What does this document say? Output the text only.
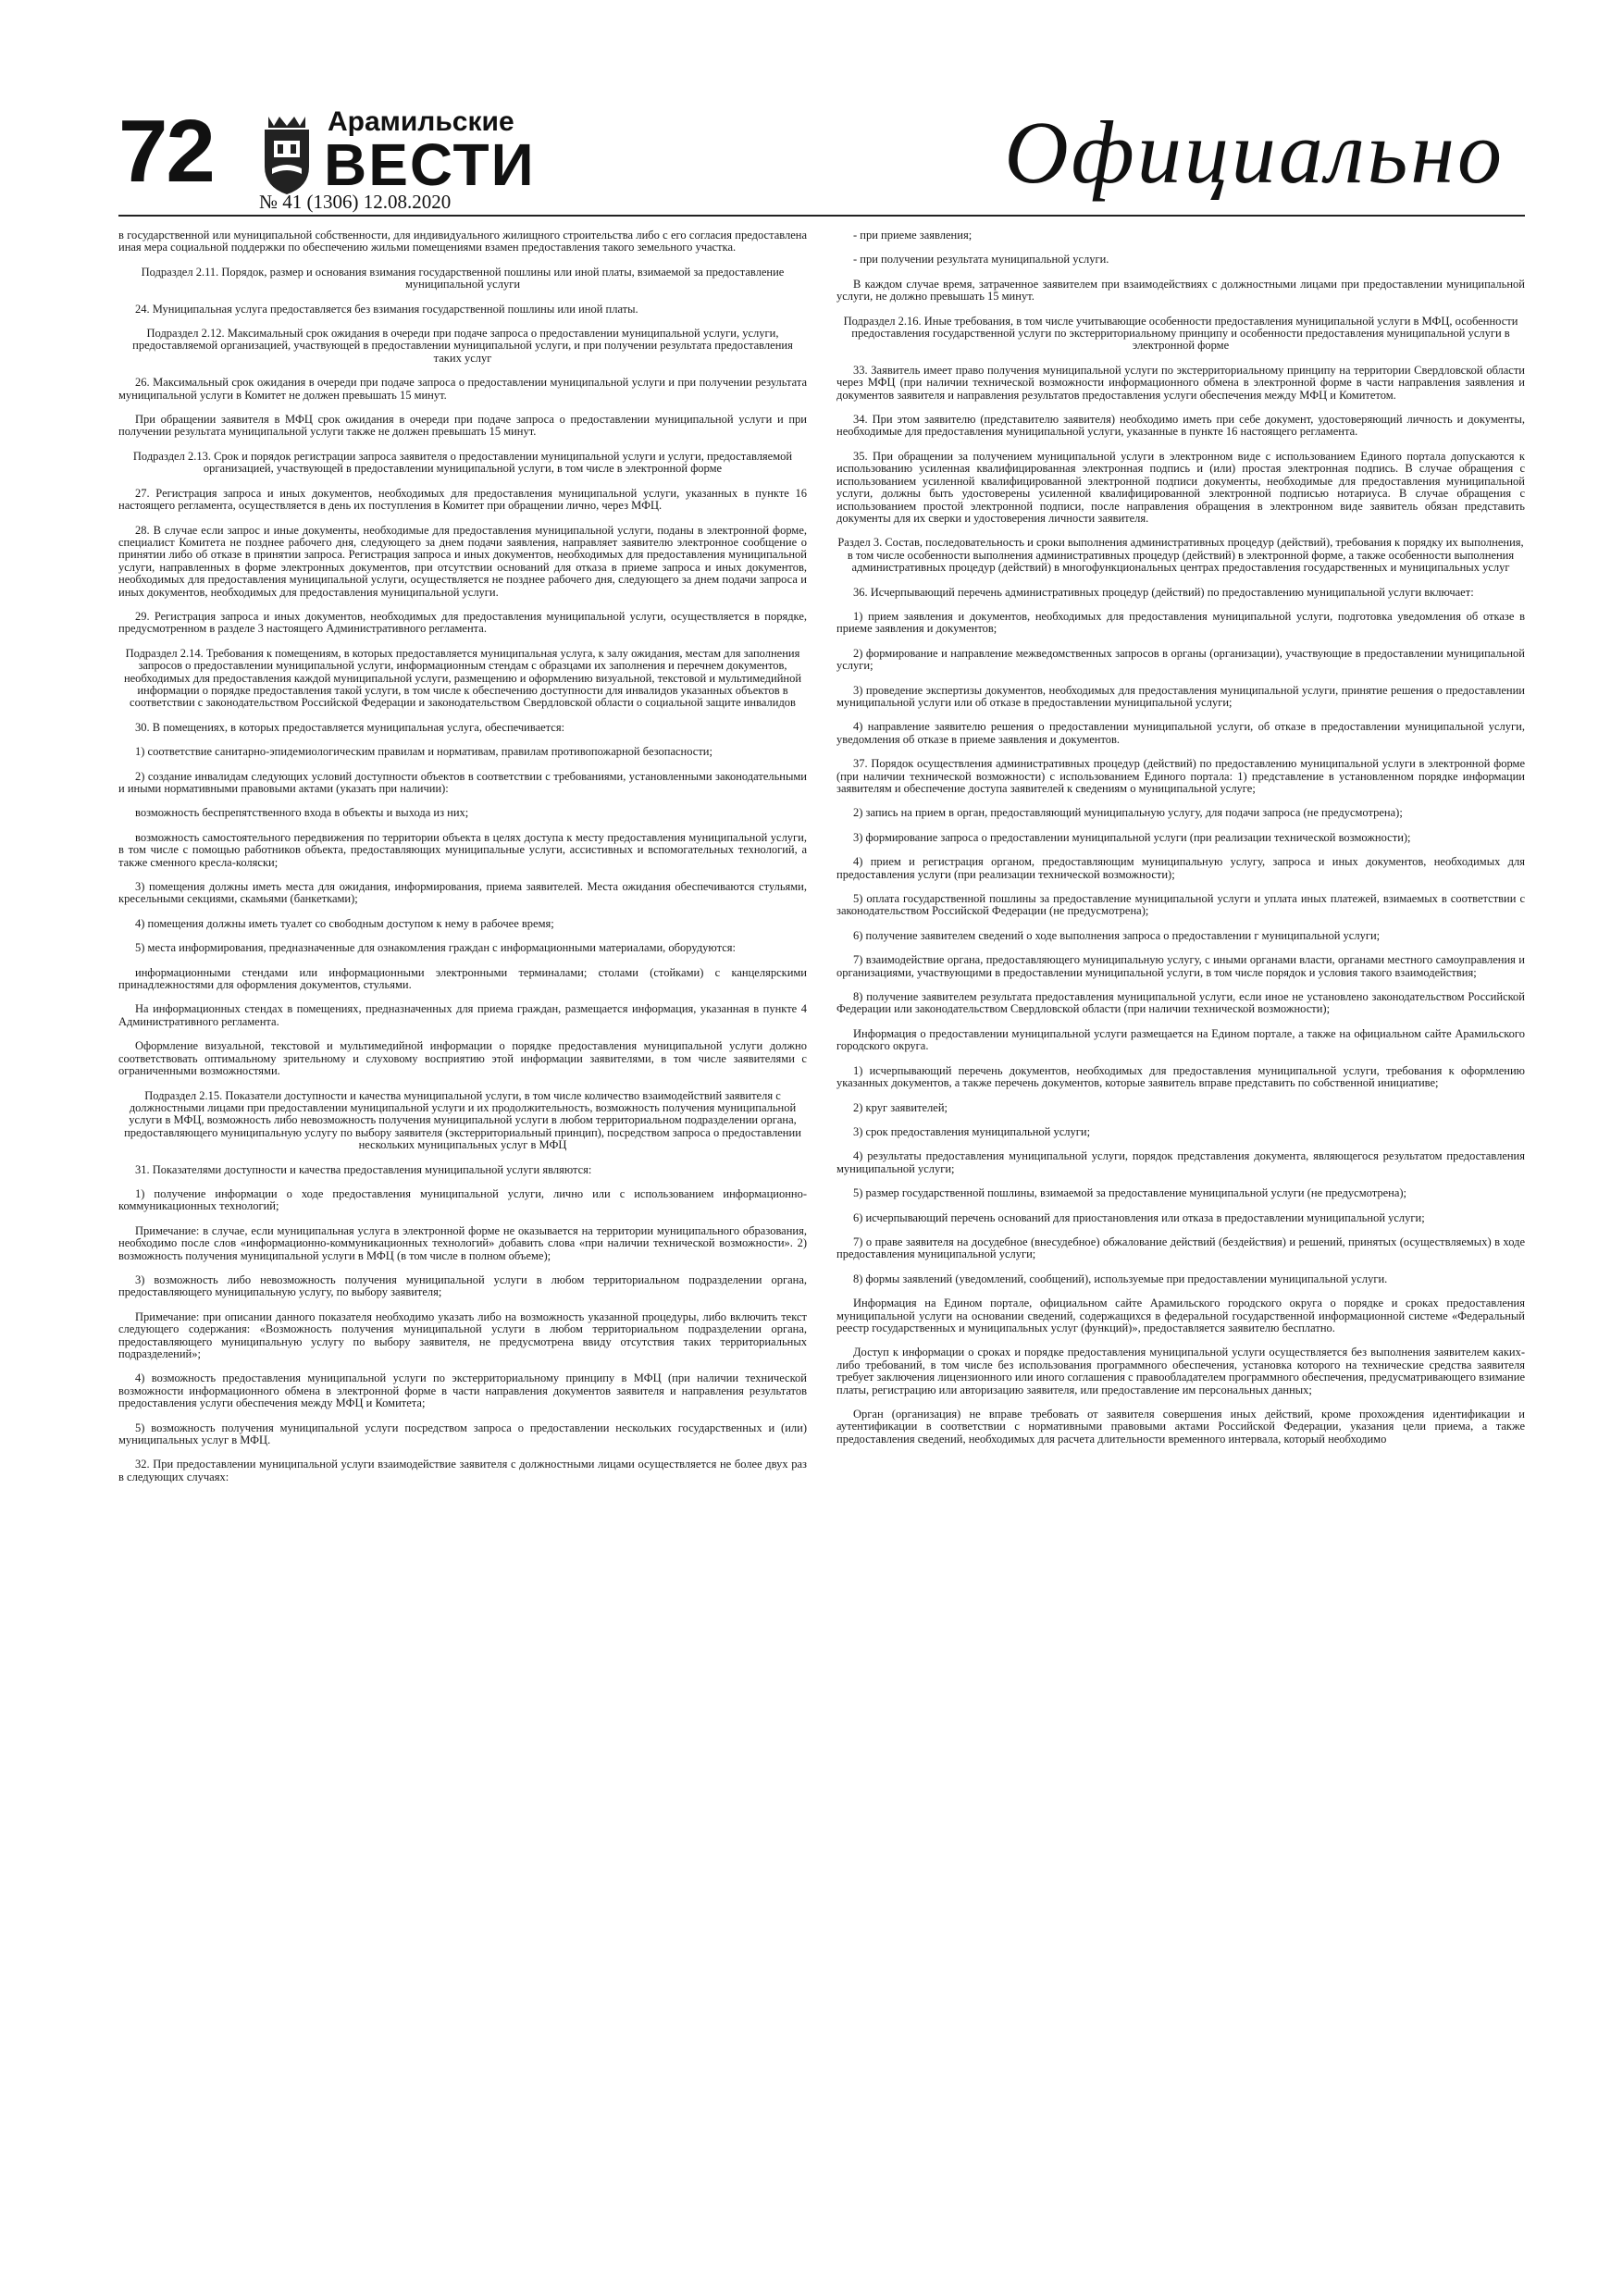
72	Арамильские
ВЕСТИ
№ 41 (1306) 12.08.2020	Официально

в государственной или муниципальной собственности, для индивидуального жилищного строительства либо с его согласия предоставлена иная мера социальной поддержки по обеспечению жильми помещениями взамен предоставления такого земельного участка.

Подраздел 2.11. Порядок, размер и основания взимания государственной пошлины или иной платы, взимаемой за предоставление муниципальной услуги

24. Муниципальная услуга предоставляется без взимания государственной пошлины или иной платы.

Подраздел 2.12. Максимальный срок ожидания в очереди при подаче запроса о предоставлении муниципальной услуги, услуги, предоставляемой организацией, участвующей в предоставлении муниципальной услуги, и при получении результата предоставления таких услуг

26. Максимальный срок ожидания в очереди при подаче запроса о предоставлении муниципальной услуги и при получении результата муниципальной услуги в Комитет не должен превышать 15 минут.

При обращении заявителя в МФЦ срок ожидания в очереди при подаче запроса о предоставлении муниципальной услуги и при получении результата муниципальной услуги также не должен превышать 15 минут.

Подраздел 2.13. Срок и порядок регистрации запроса заявителя о предоставлении муниципальной услуги и услуги, предоставляемой организацией, участвующей в предоставлении муниципальной услуги, в том числе в электронной форме

27. Регистрация запроса и иных документов, необходимых для предоставления муниципальной услуги, указанных в пункте 16 настоящего регламента, осуществляется в день их поступления в Комитет при обращении лично, через МФЦ.

28. В случае если запрос и иные документы, необходимые для предоставления муниципальной услуги, поданы в электронной форме, специалист Комитета не позднее рабочего дня, следующего за днем подачи заявления, направляет заявителю электронное сообщение о принятии либо об отказе в принятии запроса. Регистрация запроса и иных документов, необходимых для предоставления муниципальной услуги, направленных в форме электронных документов, при отсутствии оснований для отказа в приеме запроса и иных документов, необходимых для предоставления муниципальной услуги, осуществляется не позднее рабочего дня, следующего за днем подачи запроса и иных документов, необходимых для предоставления муниципальной услуги.

29. Регистрация запроса и иных документов, необходимых для предоставления муниципальной услуги, осуществляется в порядке, предусмотренном в разделе 3 настоящего Административного регламента.

Подраздел 2.14. Требования к помещениям, в которых предоставляется муниципальная услуга, к залу ожидания, местам для заполнения запросов о предоставлении муниципальной услуги, информационным стендам с образцами их заполнения и перечнем документов, необходимых для предоставления каждой муниципальной услуги, размещению и оформлению визуальной, текстовой и мультимедийной информации о порядке предоставления такой услуги, в том числе к обеспечению доступности для инвалидов указанных объектов в соответствии с законодательством Российской Федерации и законодательством Свердловской области о социальной защите инвалидов

30. В помещениях, в которых предоставляется муниципальная услуга, обеспечивается:

1) соответствие санитарно-эпидемиологическим правилам и нормативам, правилам противопожарной безопасности;

2) создание инвалидам следующих условий доступности объектов в соответствии с требованиями, установленными законодательными и иными нормативными правовыми актами (указать при наличии):

возможность беспрепятственного входа в объекты и выхода из них;

возможность самостоятельного передвижения по территории объекта в целях доступа к месту предоставления муниципальной услуги, в том числе с помощью работников объекта, предоставляющих муниципальные услуги, ассистивных и вспомогательных технологий, а также сменного кресла-коляски;

3) помещения должны иметь места для ожидания, информирования, приема заявителей. Места ожидания обеспечиваются стульями, кресельными секциями, скамьями (банкетками);

4) помещения должны иметь туалет со свободным доступом к нему в рабочее время;

5) места информирования, предназначенные для ознакомления граждан с информационными материалами, оборудуются:

информационными стендами или информационными электронными терминалами; столами (стойками) с канцелярскими принадлежностями для оформления документов, стульями.

На информационных стендах в помещениях, предназначенных для приема граждан, размещается информация, указанная в пункте 4 Административного регламента.

Оформление визуальной, текстовой и мультимедийной информации о порядке предоставления муниципальной услуги должно соответствовать оптимальному зрительному и слуховому восприятию этой информации заявителями, в том числе заявителями с ограниченными возможностями.

Подраздел 2.15. Показатели доступности и качества муниципальной услуги, в том числе количество взаимодействий заявителя с должностными лицами при предоставлении муниципальной услуги и их продолжительность, возможность получения муниципальной услуги в МФЦ, возможность либо невозможность получения муниципальной услуги в любом территориальном подразделении органа, предоставляющего муниципальную услугу по выбору заявителя (экстерриториальный принцип), посредством запроса о предоставлении нескольких муниципальных услуг в МФЦ

31. Показателями доступности и качества предоставления муниципальной услуги являются:

1) получение информации о ходе предоставления муниципальной услуги, лично или с использованием информационно-коммуникационных технологий;

Примечание: в случае, если муниципальная услуга в электронной форме не оказывается на территории муниципального образования, необходимо после слов «информационно-коммуникационных технологий» добавить слова «при наличии технической возможности». 2) возможность получения муниципальной услуги в МФЦ (в том числе в полном объеме);

3) возможность либо невозможность получения муниципальной услуги в любом территориальном подразделении органа, предоставляющего муниципальную услугу, по выбору заявителя;

Примечание: при описании данного показателя необходимо указать либо на возможность указанной процедуры, либо включить текст следующего содержания: «Возможность получения муниципальной услуги в любом территориальном подразделении органа, предоставляющего муниципальную услугу по выбору заявителя, не предусмотрена ввиду отсутствия таких территориальных подразделений»;

4) возможность предоставления муниципальной услуги по экстерриториальному принципу в МФЦ (при наличии технической возможности информационного обмена в электронной форме в части направления документов заявителя и направления результатов предоставления услуги обеспечения между МФЦ и Комитета;

5) возможность получения муниципальной услуги посредством запроса о предоставлении нескольких государственных и (или) муниципальных услуг в МФЦ.

32. При предоставлении муниципальной услуги взаимодействие заявителя с должностными лицами осуществляется не более двух раз в следующих случаях:

- при приеме заявления;

- при получении результата муниципальной услуги.

В каждом случае время, затраченное заявителем при взаимодействиях с должностными лицами при предоставлении муниципальной услуги, не должно превышать 15 минут.

Подраздел 2.16. Иные требования, в том числе учитывающие особенности предоставления муниципальной услуги в МФЦ, особенности предоставления государственной услуги по экстерриториальному принципу и особенности предоставления муниципальной услуги в электронной форме

33. Заявитель имеет право получения муниципальной услуги по экстерриториальному принципу на территории Свердловской области через МФЦ (при наличии технической возможности информационного обмена в электронной форме в части направления заявления и документов заявителя и направления результатов предоставления услуги обеспечения между МФЦ и Комитетом.

34. При этом заявителю (представителю заявителя) необходимо иметь при себе документ, удостоверяющий личность и документы, необходимые для предоставления муниципальной услуги, указанные в пункте 16 настоящего регламента.

35. При обращении за получением муниципальной услуги в электронном виде с использованием Единого портала допускаются к использованию усиленная квалифицированная электронная подпись и (или) простая электронная подпись. В случае обращения с использованием усиленной квалифицированной электронной подписи документы, необходимые для предоставления муниципальной услуги, должны быть удостоверены усиленной квалифицированной электронной подписью нотариуса. В случае обращения с использованием простой электронной подписи, после направления обращения в электронном виде заявитель обязан представить документы для их сверки и удостоверения личности заявителя.

Раздел 3. Состав, последовательность и сроки выполнения административных процедур (действий), требования к порядку их выполнения, в том числе особенности выполнения административных процедур (действий) в электронной форме, а также особенности выполнения административных процедур (действий) в многофункциональных центрах предоставления государственных и муниципальных услуг

36. Исчерпывающий перечень административных процедур (действий) по предоставлению муниципальной услуги включает:

1) прием заявления и документов, необходимых для предоставления муниципальной услуги, подготовка уведомления об отказе в приеме заявления и документов;

2) формирование и направление межведомственных запросов в органы (организации), участвующие в предоставлении муниципальной услуги;

3) проведение экспертизы документов, необходимых для предоставления муниципальной услуги, принятие решения о предоставлении муниципальной услуги или об отказе в предоставлении муниципальной услуги;

4) направление заявителю решения о предоставлении муниципальной услуги, об отказе в предоставлении муниципальной услуги, уведомления об отказе в приеме заявления и документов.

37. Порядок осуществления административных процедур (действий) по предоставлению муниципальной услуги в электронной форме (при наличии технической возможности) с использованием Единого портала: 1) представление в установленном порядке информации заявителям и обеспечение доступа заявителей к сведениям о муниципальной услуге;

2) запись на прием в орган, предоставляющий муниципальную услугу, для подачи запроса (не предусмотрена);

3) формирование запроса о предоставлении муниципальной услуги (при реализации технической возможности);

4) прием и регистрация органом, предоставляющим муниципальную услугу, запроса и иных документов, необходимых для предоставления услуги (при реализации технической возможности);

5) оплата государственной пошлины за предоставление муниципальной услуги и уплата иных платежей, взимаемых в соответствии с законодательством Российской Федерации (не предусмотрена);

6) получение заявителем сведений о ходе выполнения запроса о предоставлении г муниципальной услуги;

7) взаимодействие органа, предоставляющего муниципальную услугу, с иными органами власти, органами местного самоуправления и организациями, участвующими в предоставлении муниципальной услуги, в том числе порядок и условия такого взаимодействия;

8) получение заявителем результата предоставления муниципальной услуги, если иное не установлено законодательством Российской Федерации или законодательством Свердловской области (при наличии технической возможности);

Информация о предоставлении муниципальной услуги размещается на Едином портале, а также на официальном сайте Арамильского городского округа.

1) исчерпывающий перечень документов, необходимых для предоставления муниципальной услуги, требования к оформлению указанных документов, а также перечень документов, которые заявитель вправе представить по собственной инициативе;

2) круг заявителей;

3) срок предоставления муниципальной услуги;

4) результаты предоставления муниципальной услуги, порядок представления документа, являющегося результатом предоставления муниципальной услуги;

5) размер государственной пошлины, взимаемой за предоставление муниципальной услуги (не предусмотрена);

6) исчерпывающий перечень оснований для приостановления или отказа в предоставлении муниципальной услуги;

7) о праве заявителя на досудебное (внесудебное) обжалование действий (бездействия) и решений, принятых (осуществляемых) в ходе предоставления муниципальной услуги;

8) формы заявлений (уведомлений, сообщений), используемые при предоставлении муниципальной услуги.

Информация на Едином портале, официальном сайте Арамильского городского округа о порядке и сроках предоставления муниципальной услуги на основании сведений, содержащихся в федеральной государственной информационной системе «Федеральный реестр государственных и муниципальных услуг (функций)», предоставляется заявителю бесплатно.

Доступ к информации о сроках и порядке предоставления муниципальной услуги осуществляется без выполнения заявителем каких-либо требований, в том числе без использования программного обеспечения, установка которого на технические средства заявителя требует заключения лицензионного или иного соглашения с правообладателем программного обеспечения, предусматривающего взимание платы, регистрацию или авторизацию заявителя, или предоставление им персональных данных;

Орган (организация) не вправе требовать от заявителя совершения иных действий, кроме прохождения идентификации и аутентификации в соответствии с нормативными правовыми актами Российской Федерации, указания цели приема, а также предоставления сведений, необходимых для расчета длительности временного интервала, который необходимо
